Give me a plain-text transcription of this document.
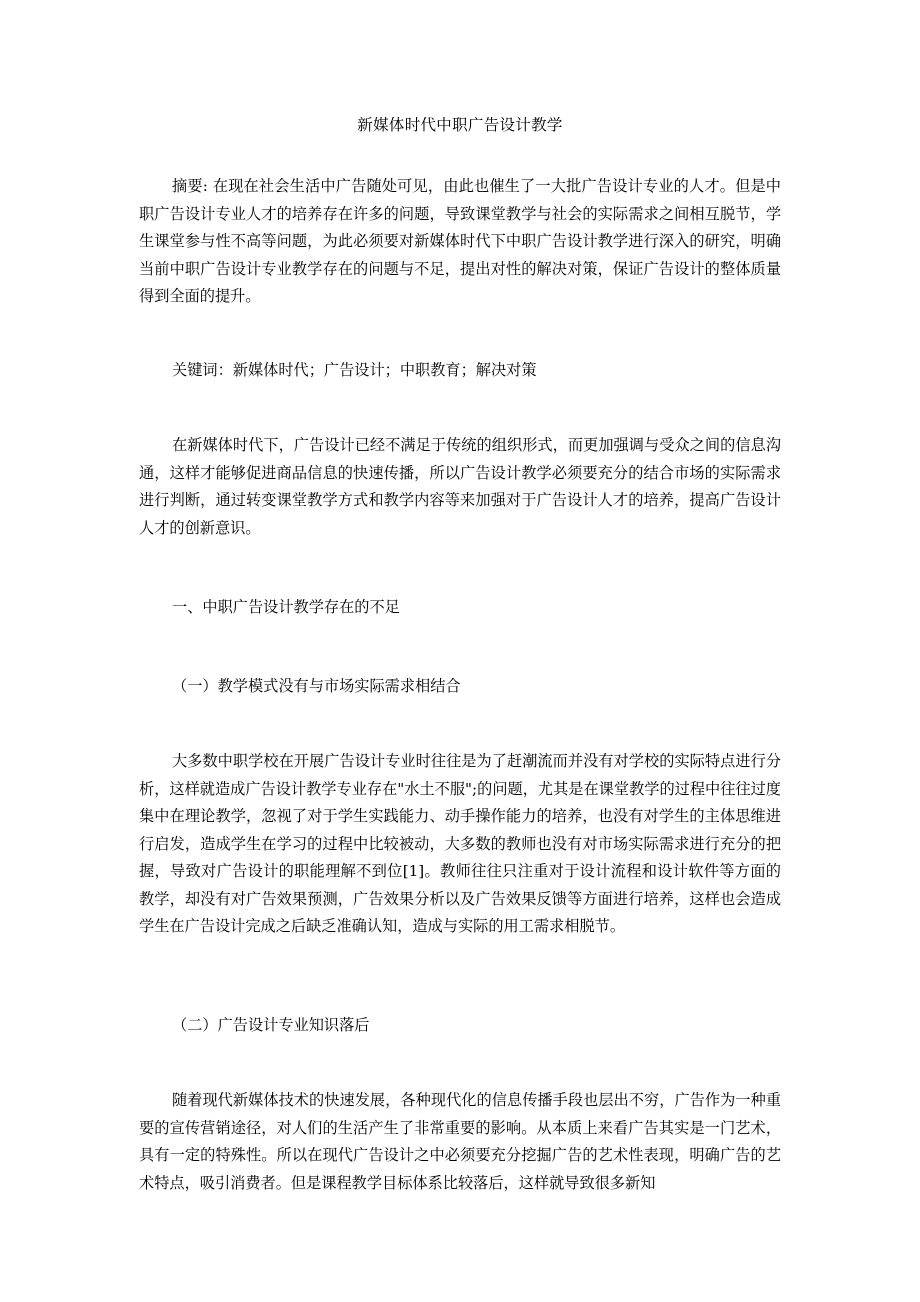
新媒体时代中职广告设计教学

摘要: 在现在社会生活中广告随处可见，由此也催生了一大批广告设计专业的人才。但是中职广告设计专业人才的培养存在许多的问题，导致课堂教学与社会的实际需求之间相互脱节，学生课堂参与性不高等问题，为此必须要对新媒体时代下中职广告设计教学进行深入的研究，明确当前中职广告设计专业教学存在的问题与不足，提出对性的解决对策，保证广告设计的整体质量得到全面的提升。

关键词：新媒体时代；广告设计；中职教育；解决对策

在新媒体时代下，广告设计已经不满足于传统的组织形式，而更加强调与受众之间的信息沟通，这样才能够促进商品信息的快速传播，所以广告设计教学必须要充分的结合市场的实际需求进行判断，通过转变课堂教学方式和教学内容等来加强对于广告设计人才的培养，提高广告设计人才的创新意识。

一、中职广告设计教学存在的不足

（一）教学模式没有与市场实际需求相结合

大多数中职学校在开展广告设计专业时往往是为了赶潮流而并没有对学校的实际特点进行分析，这样就造成广告设计教学专业存在"水土不服";的问题，尤其是在课堂教学的过程中往往过度集中在理论教学，忽视了对于学生实践能力、动手操作能力的培养，也没有对学生的主体思维进行启发，造成学生在学习的过程中比较被动，大多数的教师也没有对市场实际需求进行充分的把握，导致对广告设计的职能理解不到位[1]。教师往往只注重对于设计流程和设计软件等方面的教学，却没有对广告效果预测，广告效果分析以及广告效果反馈等方面进行培养，这样也会造成学生在广告设计完成之后缺乏准确认知，造成与实际的用工需求相脱节。

（二）广告设计专业知识落后

随着现代新媒体技术的快速发展，各种现代化的信息传播手段也层出不穷，广告作为一种重要的宣传营销途径，对人们的生活产生了非常重要的影响。从本质上来看广告其实是一门艺术，具有一定的特殊性。所以在现代广告设计之中必须要充分挖掘广告的艺术性表现，明确广告的艺术特点，吸引消费者。但是课程教学目标体系比较落后，这样就导致很多新知
